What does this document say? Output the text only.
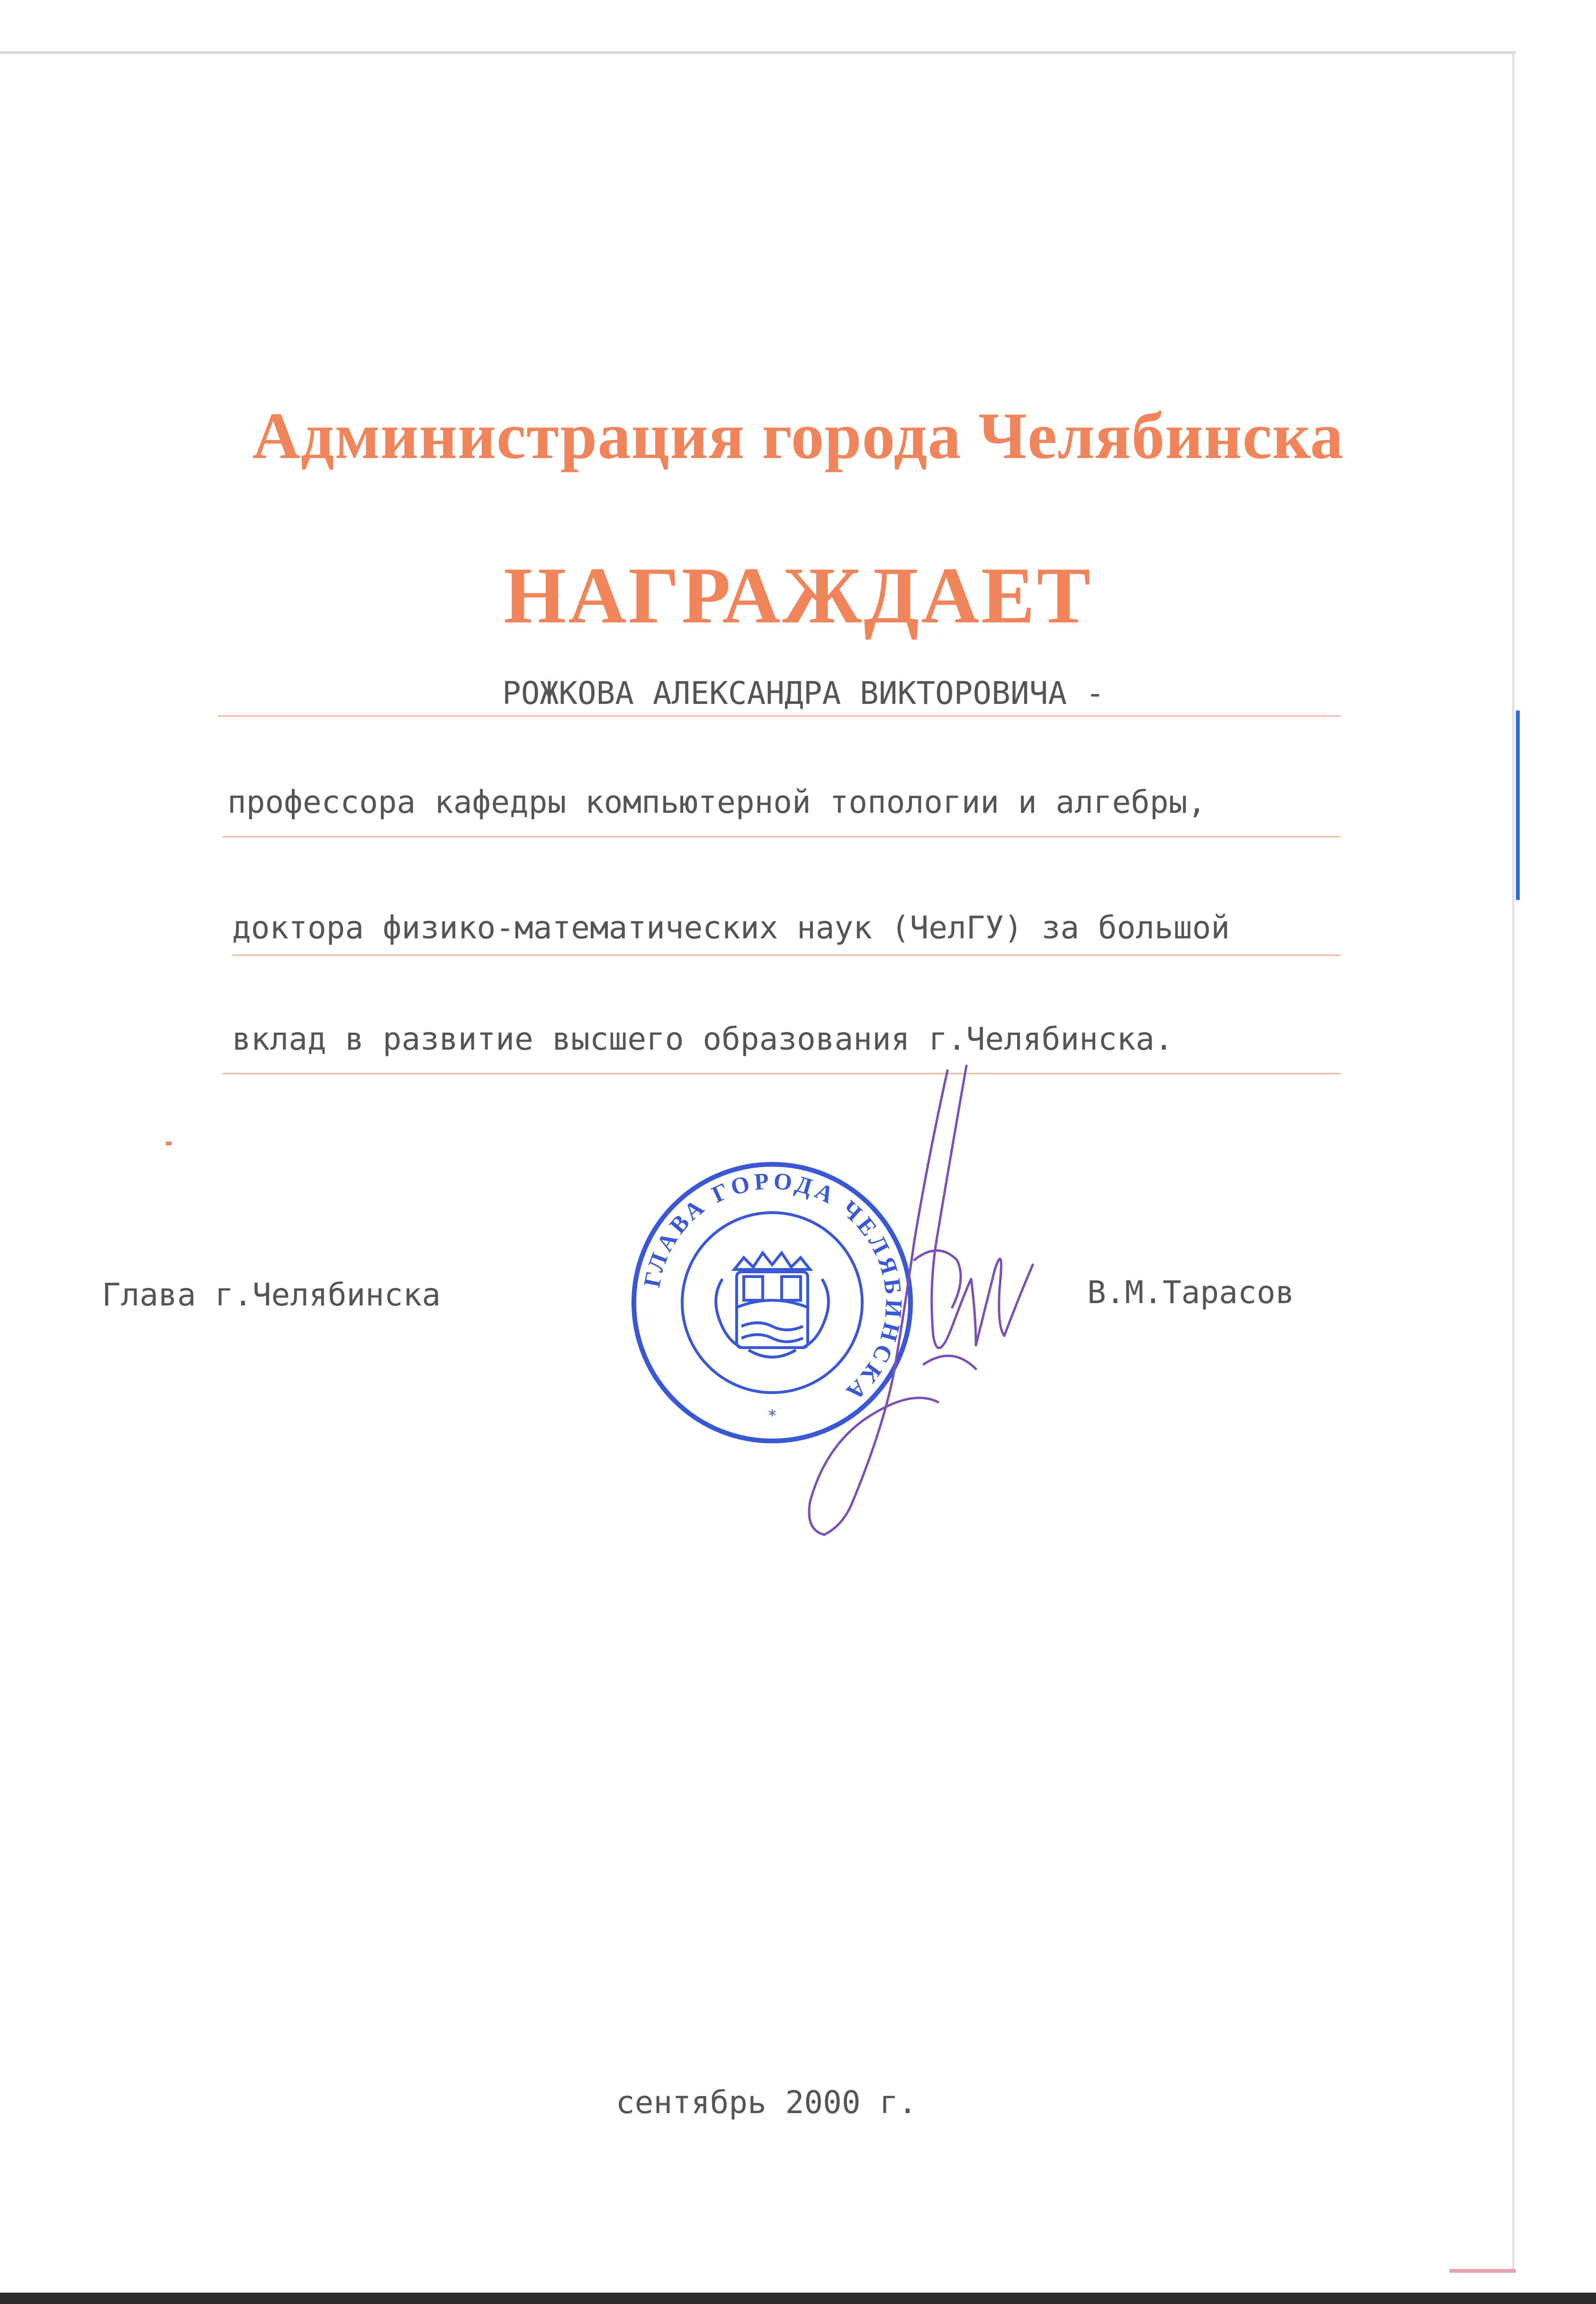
Администрация города Челябинска
НАГРАЖДАЕТ
РОЖКОВА АЛЕКСАНДРА ВИКТОРОВИЧА -
профессора кафедры компьютерной топологии и алгебры,
доктора физико-математических наук (ЧелГУ) за большой
вклад в развитие высшего образования г.Челябинска.
Глава г.Челябинска	В.М.Тарасов
ГЛАВА ГОРОДА ЧЕЛЯБИНСКА
*
сентябрь 2000 г.
